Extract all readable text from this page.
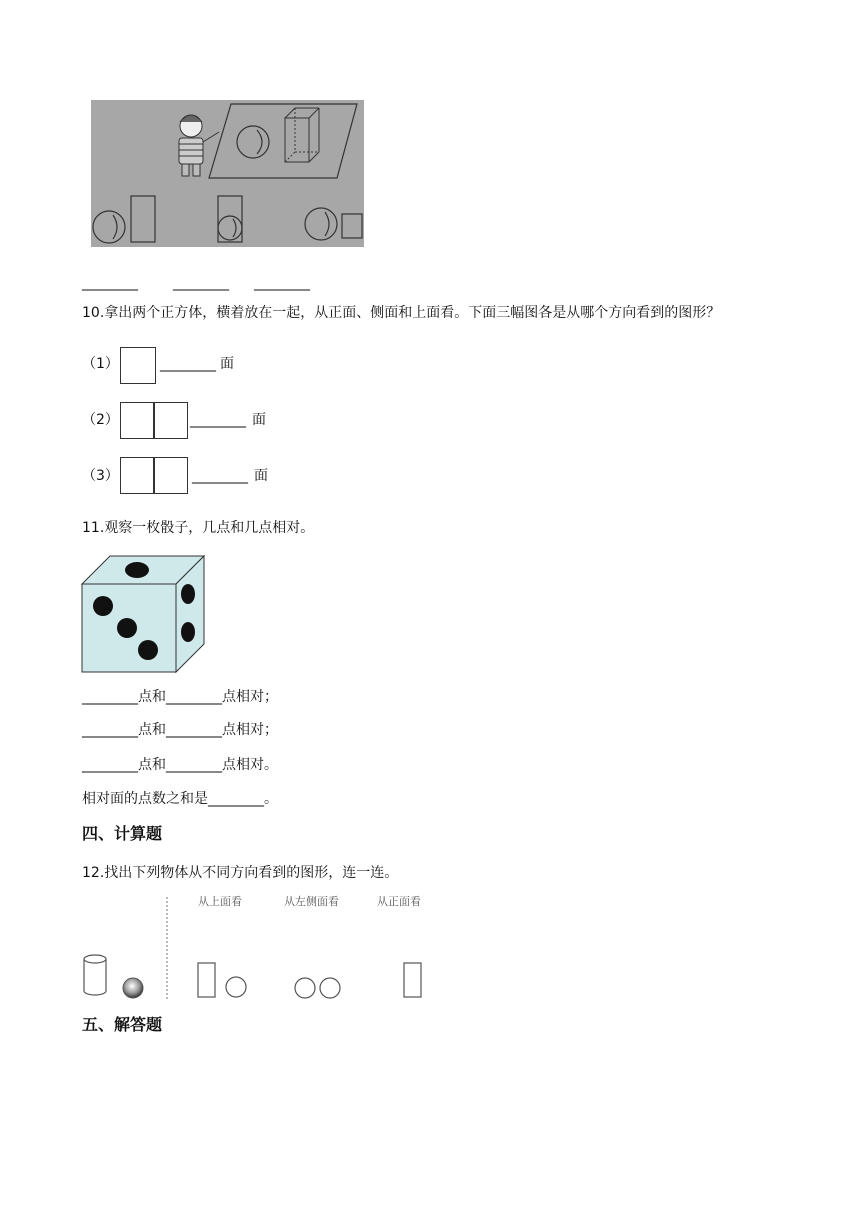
________	________ ________
10.拿出两个正方体，横着放在一起，从正面、侧面和上面看。下面三幅图各是从哪个方向看到的图形？
（1）	________ 面
（2）	________ 面
（3）	________ 面
11.观察一枚骰子，几点和几点相对。
________点和________点相对；
________点和________点相对；
________点和________点相对。
相对面的点数之和是________。
四、计算题
12.找出下列物体从不同方向看到的图形，连一连。
从上面看	从左侧面看	从正面看
五、解答题
